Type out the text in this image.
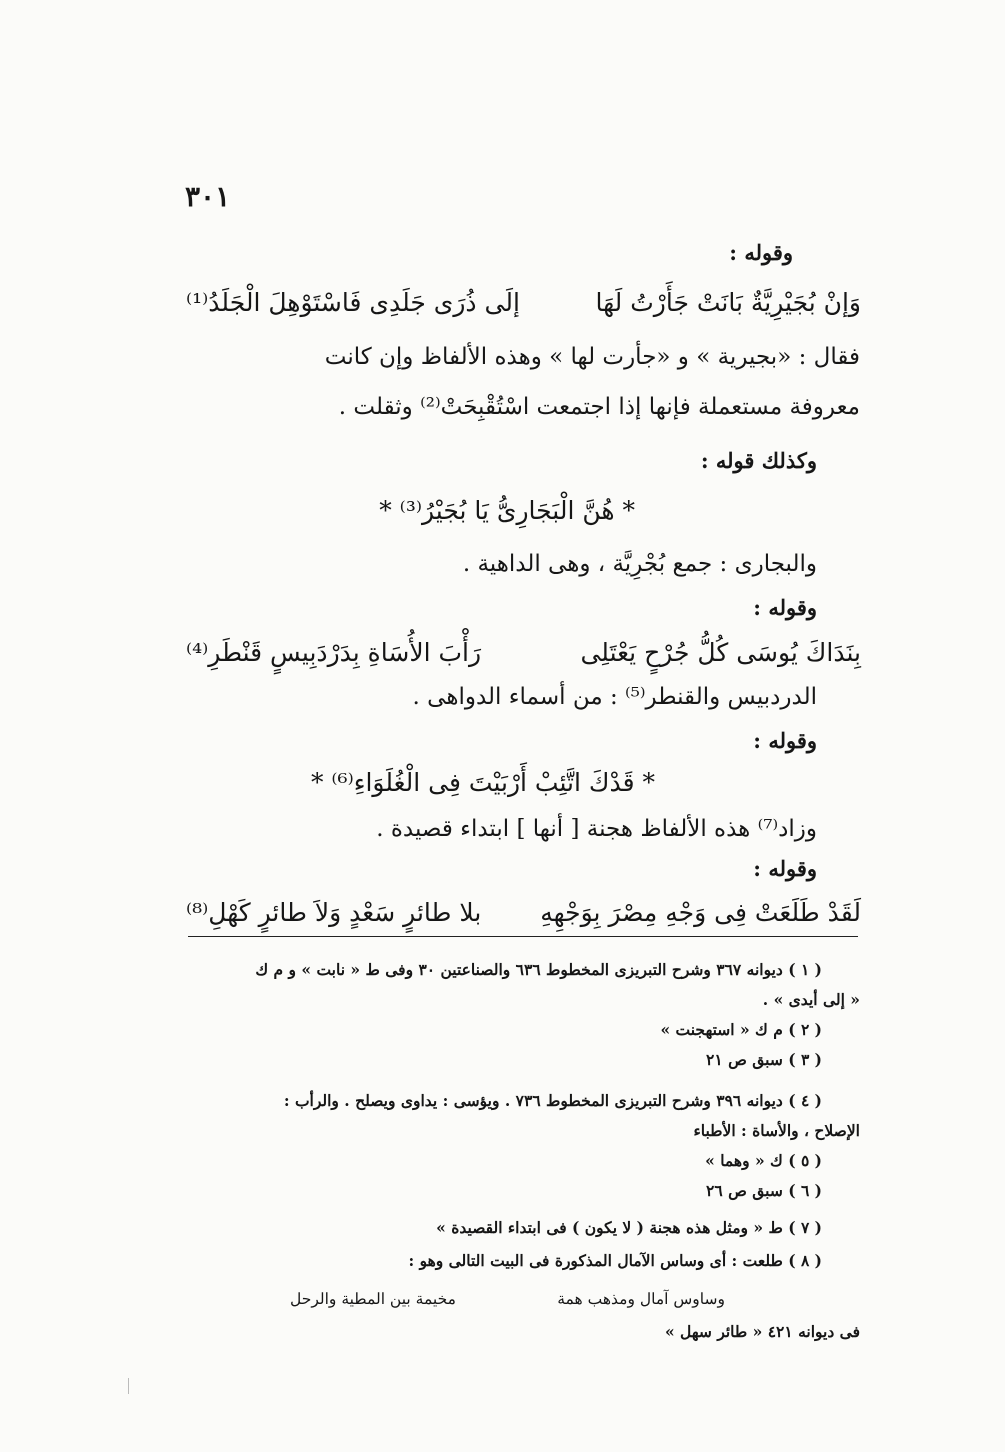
٣٠١
وقوله :
وَإنْ بُجَيْرِيَّةٌ بَانَتْ جَأَرْتُ لَهَا
إلَى ذُرَى جَلَدِى فَاسْتَوْهِلَ الْجَلَدُ⁽¹⁾
فقال : «بجيرية » و «جأرت لها » وهذه الألفاظ وإن كانت
معروفة مستعملة فإنها إذا اجتمعت اسْتُقْبِحَتْ⁽²⁾ وثقلت .
وكذلك قوله :
* هُنَّ الْبَجَارِىُّ يَا بُجَيْرُ⁽³⁾ *
والبجارى : جمع بُجْرِيَّة ، وهى الداهية .
وقوله :
بِنَدَاكَ يُوسَى كُلُّ جُرْحٍ يَعْتَلِى
رَأْبَ الأُسَاةِ بِدَرْدَبِيسٍ قَنْطَرِ⁽⁴⁾
الدردبيس والقنطر⁽⁵⁾ : من أسماء الدواهى .
وقوله :
* قَدْكَ اتَّئِبْ أَرْبَيْتَ فِى الْغُلَوَاءِ⁽⁶⁾ *
وزاد⁽⁷⁾ هذه الألفاظ هجنة [ أنها ] ابتداء قصيدة .
وقوله :
لَقَدْ طَلَعَتْ فِى وَجْهِ مِصْرَ بِوَجْهِهِ
بلا طائرٍ سَعْدٍ وَلاَ طائرٍ كَهْلِ⁽⁸⁾
( ١ ) ديوانه ٣٦٧ وشرح التبريزى المخطوط ٦٣٦ والصناعتين ٣٠ وفى ط « نابت » و م ك
« إلى أيدى » .
( ٢ ) م ك « استهجنت »
( ٣ ) سبق ص ٢١
( ٤ ) ديوانه ٣٩٦ وشرح التبريزى المخطوط ٧٣٦ . ويؤسى : يداوى ويصلح . والرأب :
الإصلاح ، والأساة : الأطباء
( ٥ ) ك « وهما »
( ٦ ) سبق ص ٢٦
( ٧ ) ط « ومثل هذه هجنة ( لا يكون ) فى ابتداء القصيدة »
( ٨ ) طلعت : أى وساس الآمال المذكورة فى البيت التالى وهو :
وساوس آمال ومذهب همة
مخيمة بين المطية والرحل
فى ديوانه ٤٢١ « طائر سهل »
